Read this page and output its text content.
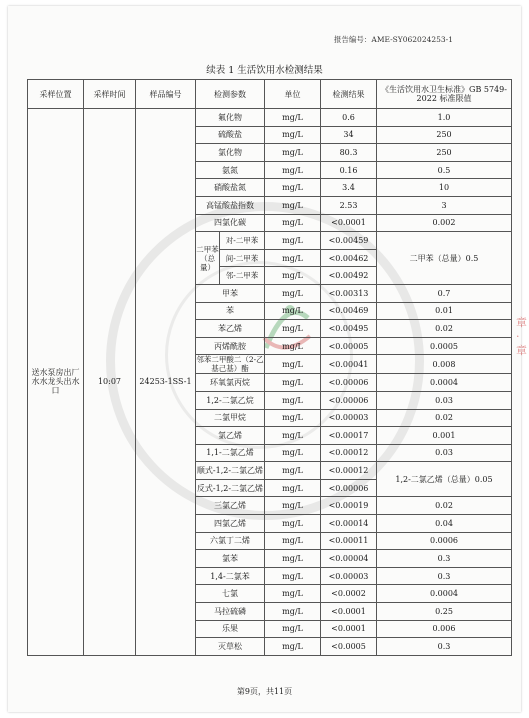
报告编号：AME-SY062024253-1
续表 1 生活饮用水检测结果
章
·
章
采样位置	采样时间	样品编号	检测参数		单位	检测结果	《生活饮用水卫生标准》GB 5749-2022 标准限值
送水泵房出厂水水龙头出水口	10:07	24253-1SS-1	氟化物		mg/L	0.6	1.0
			硫酸盐		mg/L	34	250
			氯化物		mg/L	80.3	250
			氨氮		mg/L	0.16	0.5
			硝酸盐氮		mg/L	3.4	10
			高锰酸盐指数		mg/L	2.53	3
			四氯化碳		mg/L	<0.0001	0.002
			二甲苯（总量）	对-二甲苯	mg/L	<0.00459	二甲苯（总量）0.5
				间-二甲苯	mg/L	<0.00462	
				邻-二甲苯	mg/L	<0.00492	
			甲苯		mg/L	<0.00313	0.7
			苯		mg/L	<0.00469	0.01
			苯乙烯		mg/L	<0.00495	0.02
			丙烯酰胺		mg/L	<0.00005	0.0005
			邻苯二甲酸二（2-乙基己基）酯		mg/L	<0.00041	0.008
			环氧氯丙烷		mg/L	<0.00006	0.0004
			1,2-二氯乙烷		mg/L	<0.00006	0.03
			二氯甲烷		mg/L	<0.00003	0.02
			氯乙烯		mg/L	<0.00017	0.001
			1,1-二氯乙烯		mg/L	<0.00012	0.03
			顺式-1,2-二氯乙烯		mg/L	<0.00012	1,2-二氯乙烯（总量）0.05
			反式-1,2-二氯乙烯		mg/L	<0.00006	
			三氯乙烯		mg/L	<0.00019	0.02
			四氯乙烯		mg/L	<0.00014	0.04
			六氯丁二烯		mg/L	<0.00011	0.0006
			氯苯		mg/L	<0.00004	0.3
			1,4-二氯苯		mg/L	<0.00003	0.3
			七氯		mg/L	<0.0002	0.0004
			马拉硫磷		mg/L	<0.0001	0.25
			乐果		mg/L	<0.0001	0.006
			灭草松		mg/L	<0.0005	0.3
第9页，共11页
